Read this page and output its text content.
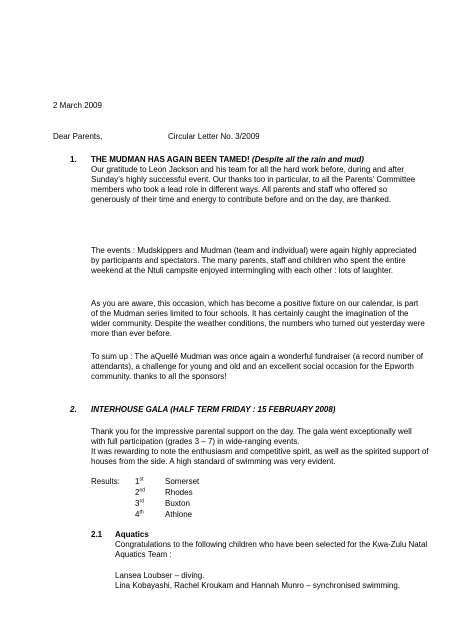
2 March 2009
Dear Parents,	Circular Letter No. 3/2009
1. THE MUDMAN HAS AGAIN BEEN TAMED! (Despite all the rain and mud)

Our gratitude to Leon Jackson and his team for all the hard work before, during and after Sunday’s highly successful event. Our thanks too in particular, to all the Parents’ Committee members who took a lead role in different ways. All parents and staff who offered so generously of their time and energy to contribute before and on the day, are thanked.

The events : Mudskippers and Mudman (team and individual) were again highly appreciated by participants and spectators. The many parents, staff and children who spent the entire weekend at the Ntuli campsite enjoyed intermingling with each other : lots of laughter.

As you are aware, this occasion, which has become a positive fixture on our calendar, is part of the Mudman series limited to four schools. It has certainly caught the imagination of the wider community. Despite the weather conditions, the numbers who turned out yesterday were more than ever before.

To sum up : The aQuellé Mudman was once again a wonderful fundraiser (a record number of attendants), a challenge for young and old and an excellent social occasion for the Epworth community. thanks to all the sponsors!

2. INTERHOUSE GALA (HALF TERM FRIDAY : 15 FEBRUARY 2008)

Thank you for the impressive parental support on the day. The gala went exceptionally well with full participation (grades 3 – 7) in wide-ranging events.

It was rewarding to note the enthusiasm and competitive spirit, as well as the spirited support of houses from the side. A high standard of swimming was very evident.

Results: 1st	Somerset
2nd	Rhodes
3rd	Buxton
4th	Athlone
2.1 Aquatics

Congratulations to the following children who have been selected for the Kwa-Zulu Natal Aquatics Team :

Lansea Loubser – diving.

Lina Kobayashi, Rachel Kroukam and Hannah Munro – synchronised swimming.
